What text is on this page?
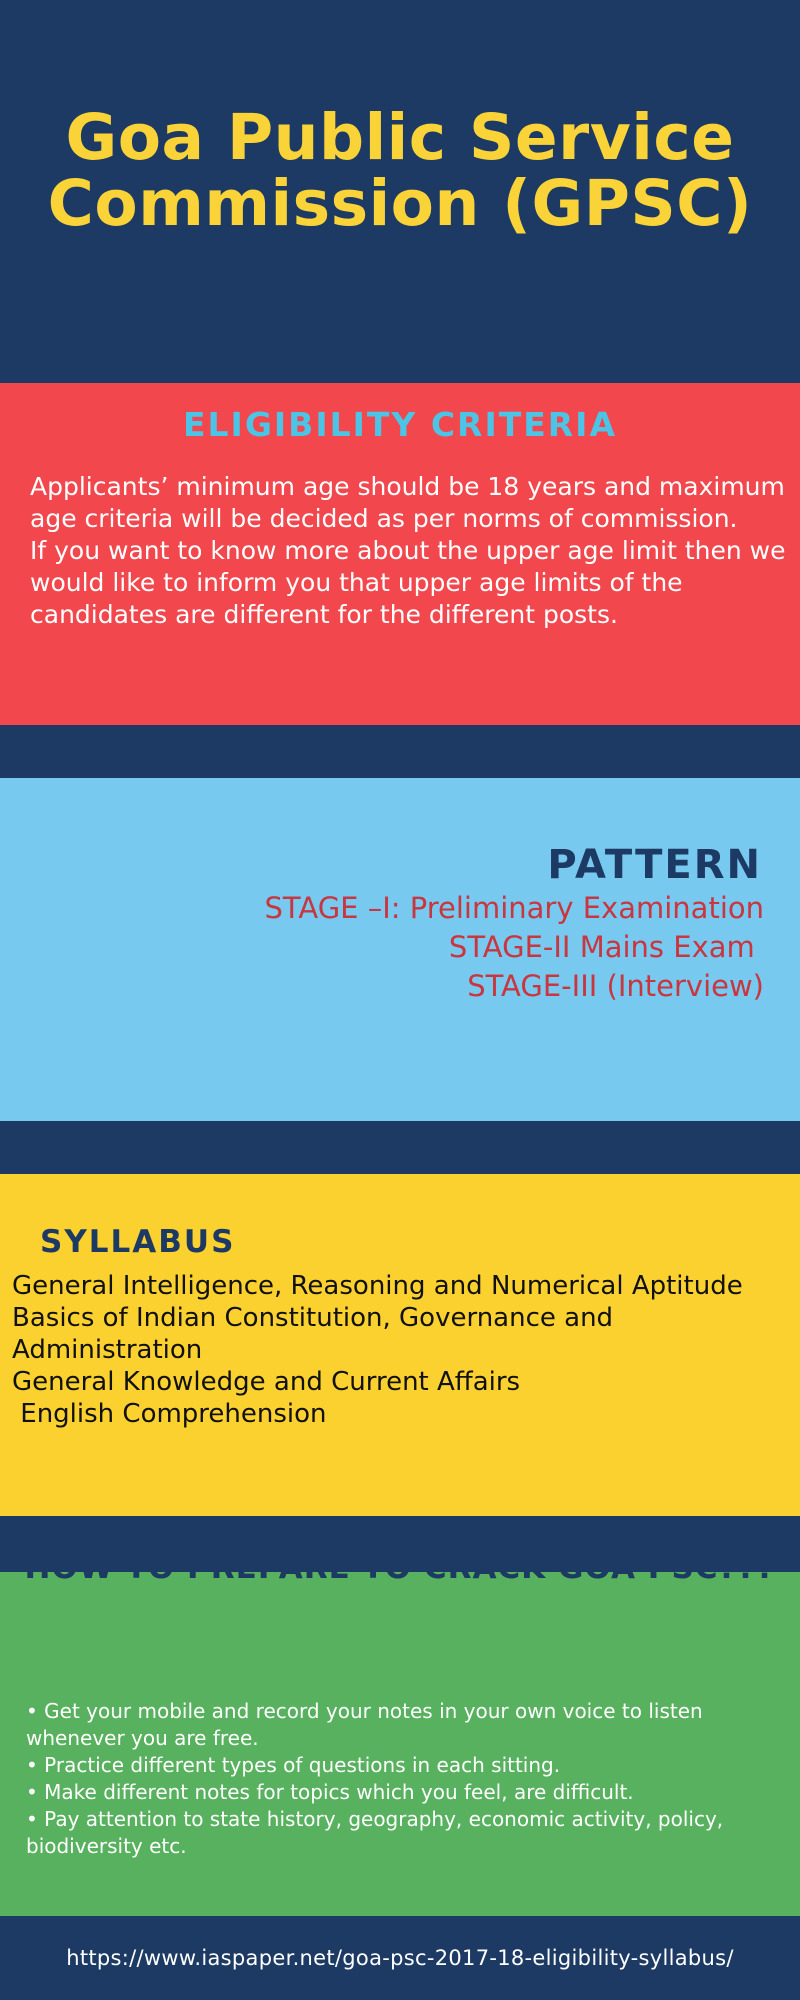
Goa Public Service Commission (GPSC)
ELIGIBILITY CRITERIA

Applicants’ minimum age should be 18 years and maximum age criteria will be decided as per norms of commission.
If you want to know more about the upper age limit then we would like to inform you that upper age limits of the candidates are different for the different posts.

PATTERN
STAGE –I: Preliminary Examination
STAGE-II Mains Exam
STAGE-III (Interview)
SYLLABUS
General Intelligence, Reasoning and Numerical Aptitude
Basics of Indian Constitution, Governance and
Administration
General Knowledge and Current Affairs
English Comprehension
HOW TO PREPARE TO CRACK GOA PSC???
• Get your mobile and record your notes in your own voice to listen whenever you are free.
• Practice different types of questions in each sitting.
• Make different notes for topics which you feel, are difficult.
• Pay attention to state history, geography, economic activity, policy, biodiversity etc.

https://www.iaspaper.net/goa-psc-2017-18-eligibility-syllabus/
